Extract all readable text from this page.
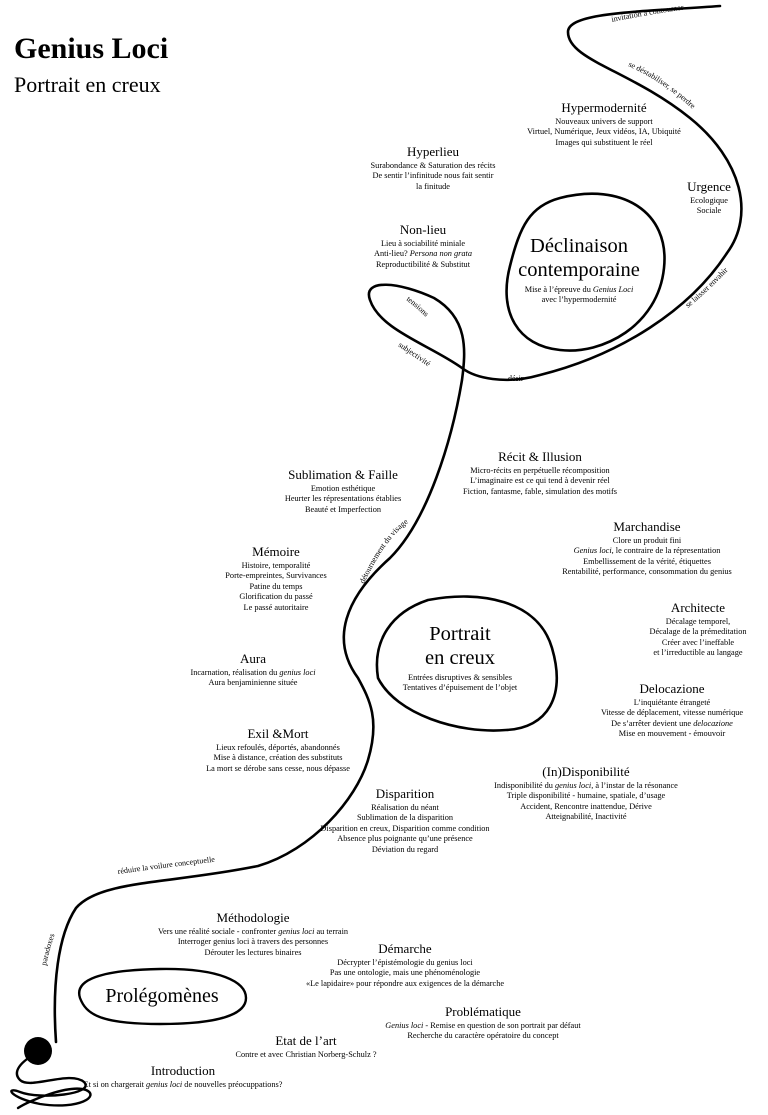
invitation à contourner
se déstabiliser, se perdre
se laisser envahir
désir
tensions
subjectivité
détournement du visage
réduire la voilure conceptuelle
paradoxes
Genius Loci
Portrait en creux
Déclinaison
contemporaine
Mise à l’épreuve du Genius Loci
avec l’hypermodernité
Portrait
en creux
Entrées disruptives & sensibles
Tentatives d’épuisement de l’objet
Prolégomènes
Hypermodernité
Nouveaux univers de support
Virtuel, Numérique, Jeux vidéos, IA, Ubiquité
Images qui substituent le réel
Hyperlieu
Surabondance & Saturation des récits
De sentir l’infinitude nous fait sentir
la finitude	Urgence
Ecologique
Sociale
Non-lieu
Lieu à sociabilité miniale
Anti-lieu? Persona non grata
Reproductibilité & Substitut
Récit & Illusion
Micro-récits en perpétuelle récomposition
L’imaginaire est ce qui tend à devenir réel
Fiction, fantasme, fable, simulation des motifs
Sublimation & Faille
Emotion esthétique
Heurter les répresentations établies
Beauté et Imperfection
Marchandise
Clore un produit fini
Genius loci, le contraire de la répresentation
Embellissement de la vérité, étiquettes
Rentabilité, performance, consommation du genius
Mémoire
Histoire, temporalité
Porte-empreintes, Survivances
Patine du temps
Glorification du passé
Le passé autoritaire	Architecte
Décalage temporel,
Décalage de la prémeditation
Créer avec l’ineffable
et l’irreductible au langage
Aura
Incarnation, réalisation du genius loci
Aura benjaminienne située	Delocazione
L’inquiétante étrangeté
Vitesse de déplacement, vitesse numérique
De s’arrêter devient une delocazione
Mise en mouvement - émouvoir
Exil &Mort
Lieux refoulés, déportés, abandonnés
Mise à distance, création des substituts
La mort se dérobe sans cesse, nous dépasse	(In)Disponibilité
Indisponibilité du genius loci, à l’instar de la résonance
Triple disponibilité - humaine, spatiale, d’usage
Accident, Rencontre inattendue, Dérive
Atteignabilité, Inactivité
Disparition
Réalisation du néant
Sublimation de la disparition
Disparition en creux, Disparition comme condition
Absence plus poignante qu’une présence
Déviation du regard
Méthodologie
Vers une réalité sociale - confronter genius loci au terrain
Interroger genius loci à travers des personnes
Dérouter les lectures binaires	Démarche
Décrypter l’épistémologie du genius loci
Pas une ontologie, mais une phénoménologie
«Le lapidaire» pour répondre aux exigences de la démarche
Problématique
Genius loci - Remise en question de son portrait par défaut
Recherche du caractère opératoire du concept
Etat de l’art
Contre et avec Christian Norberg-Schulz ?
Introduction
Et si on chargerait genius loci de nouvelles préocuppations?
